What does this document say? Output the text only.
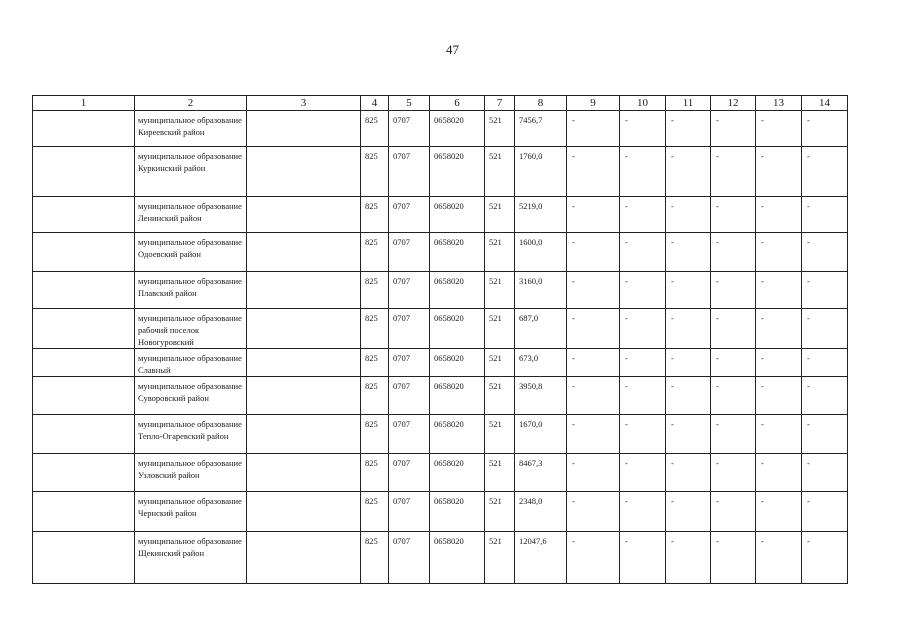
47
1	2	3	4	5	6	7	8	9	10	11	12	13	14
	муниципальное образование Киреевский район		825	0707	0658020	521	7456,7	-	-	-	-	-	-
	муниципальное образование Куркинский район		825	0707	0658020	521	1760,0	-	-	-	-	-	-
	муниципальное образование Ленинский район		825	0707	0658020	521	5219,0	-	-	-	-	-	-
	муниципальное образование Одоевский район		825	0707	0658020	521	1600,0	-	-	-	-	-	-
	муниципальное образование Плавский район		825	0707	0658020	521	3160,0	-	-	-	-	-	-
	муниципальное образование рабочий поселок Новогуровский		825	0707	0658020	521	687,0	-	-	-	-	-	-
	муниципальное образование Славный		825	0707	0658020	521	673,0	-	-	-	-	-	-
	муниципальное образование Суворовский район		825	0707	0658020	521	3950,8	-	-	-	-	-	-
	муниципальное образование Тепло-Огаревский район		825	0707	0658020	521	1670,0	-	-	-	-	-	-
	муниципальное образование Узловский район		825	0707	0658020	521	8467,3	-	-	-	-	-	-
	муниципальное образование Чернский район		825	0707	0658020	521	2348,0	-	-	-	-	-	-
	муниципальное образование Щекинский район		825	0707	0658020	521	12047,6	-	-	-	-	-	-
